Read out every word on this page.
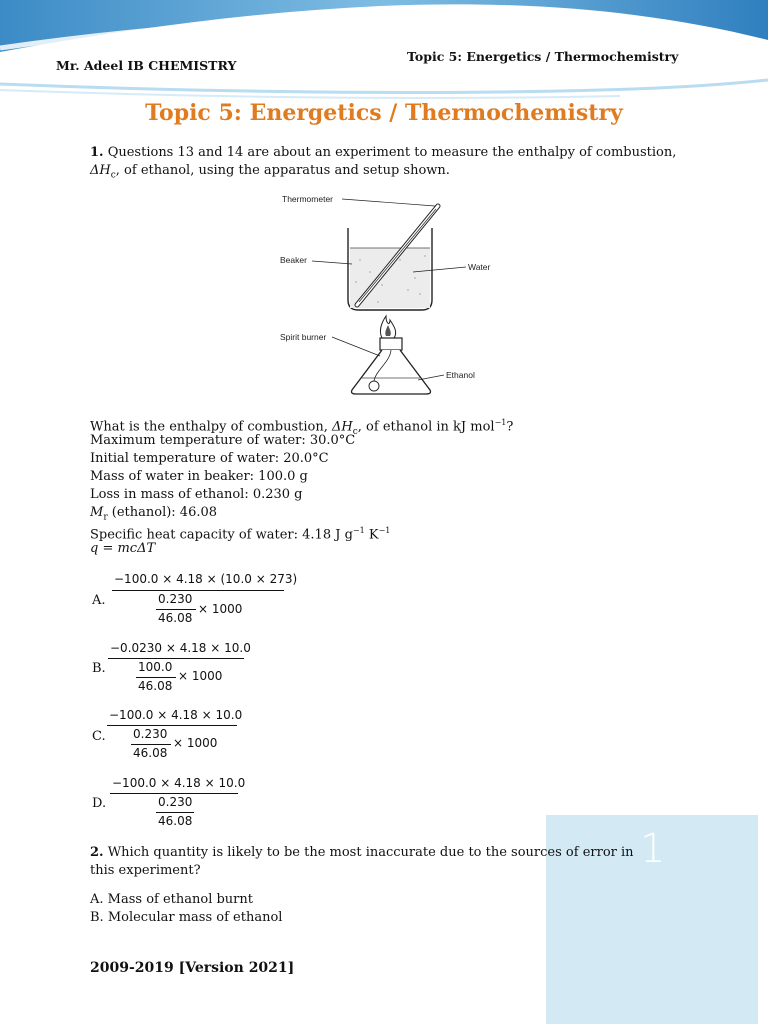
Mr. Adeel IB CHEMISTRY
Topic 5: Energetics / Thermochemistry
Topic 5: Energetics / Thermochemistry
1. Questions 13 and 14 are about an experiment to measure the enthalpy of combustion,
$\Delta H_c$, of ethanol, using the apparatus and setup shown.
Thermometer
Beaker
Water
Spirit burner
Ethanol
What is the enthalpy of combustion, $\Delta H_c$, of ethanol in kJ mol$^{-1}$?
Maximum temperature of water: 30.0°C
Initial temperature of water: 20.0°C
Mass of water in beaker: 100.0 g
Loss in mass of ethanol: 0.230 g
$M_r$ (ethanol): 46.08
Specific heat capacity of water: 4.18 J $g^{-1}$ $K^{-1}$
q = mcΔT
A.
−100.0 × 4.18 × (10.0 × 273)
0.230
46.08
× 1000
B.
−0.0230 × 4.18 × 10.0
100.0
46.08
× 1000
C.
−100.0 × 4.18 × 10.0
0.230
46.08
× 1000
D.
−100.0 × 4.18 × 10.0
0.230
46.08
1
2. Which quantity is likely to be the most inaccurate due to the sources of error in this experiment?
A. Mass of ethanol burnt
B. Molecular mass of ethanol
2009-2019 [Version 2021]
